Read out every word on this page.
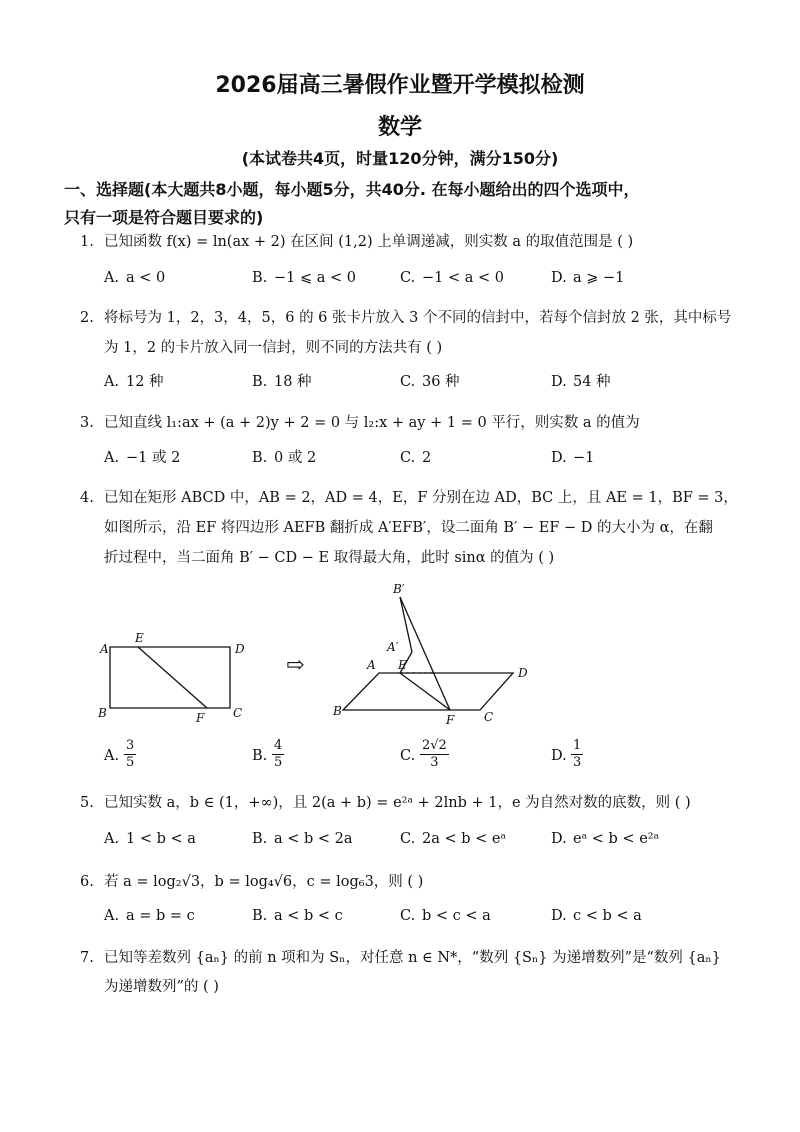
2026届高三暑假作业暨开学模拟检测
数学
(本试卷共4页，时量120分钟，满分150分)
一、选择题(本大题共8小题，每小题5分，共40分. 在每小题给出的四个选项中，
只有一项是符合题目要求的)
1. 已知函数 f(x) = ln(ax + 2) 在区间 (1,2) 上单调递减，则实数 a 的取值范围是 ( )
A. a < 0	B. −1 ⩽ a < 0	C. −1 < a < 0	D. a ⩾ −1
2. 将标号为 1，2，3，4，5，6 的 6 张卡片放入 3 个不同的信封中，若每个信封放 2 张，其中标号
为 1，2 的卡片放入同一信封，则不同的方法共有 ( )
A. 12 种	B. 18 种	C. 36 种	D. 54 种
3. 已知直线 l₁:ax + (a + 2)y + 2 = 0 与 l₂:x + ay + 1 = 0 平行，则实数 a 的值为
A. −1 或 2	B. 0 或 2	C. 2	D. −1
4. 已知在矩形 ABCD 中，AB = 2，AD = 4，E，F 分别在边 AD，BC 上，且 AE = 1，BF = 3，
如图所示，沿 EF 将四边形 AEFB 翻折成 A′EFB′，设二面角 B′ − EF − D 的大小为 α，在翻
折过程中，当二面角 B′ − CD − E 取得最大角，此时 sinα 的值为 ( )
A
E
D
B	F C
⇨
B′
A′
A E
D
B
F C
A. $\frac{3}{5}$	B. $\frac{4}{5}$	C. $\frac{2√2}{3}$	D. $\frac{1}{3}$
5. 已知实数 a，b ∈ (1，+∞)，且 2(a + b) = e²ᵃ + 2lnb + 1，e 为自然对数的底数，则 ( )
A. 1 < b < a	B. a < b < 2a	C. 2a < b < eᵃ	D. eᵃ < b < e²ᵃ
6. 若 a = log₂√3，b = log₄√6，c = log₆3，则 ( )
A. a = b = c	B. a < b < c	C. b < c < a	D. c < b < a
7. 已知等差数列 {aₙ} 的前 n 项和为 Sₙ，对任意 n ∈ N*，“数列 {Sₙ} 为递增数列”是“数列 {aₙ}
为递增数列”的 ( )
